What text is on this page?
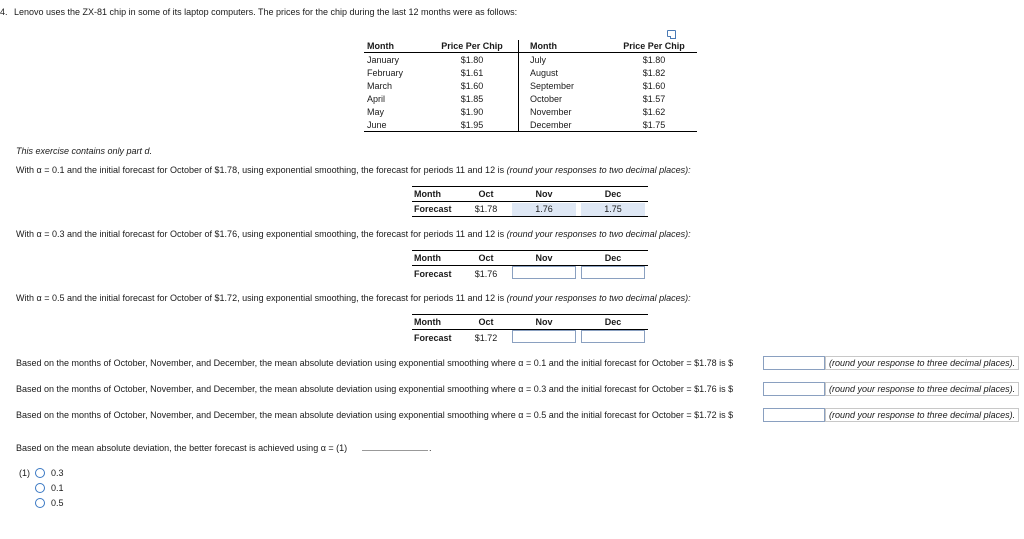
4. Lenovo uses the ZX-81 chip in some of its laptop computers. The prices for the chip during the last 12 months were as follows:
Month	Price Per Chip	Month	Price Per Chip
January	$1.80	July	$1.80
February	$1.61	August	$1.82
March	$1.60	September	$1.60
April	$1.85	October	$1.57
May	$1.90	November	$1.62
June	$1.95	December	$1.75
This exercise contains only part d.
With α = 0.1 and the initial forecast for October of $1.78, using exponential smoothing, the forecast for periods 11 and 12 is (round your responses to two decimal places):
Month	Oct	Nov	Dec
Forecast	$1.78	1.76	1.75
With α = 0.3 and the initial forecast for October of $1.76, using exponential smoothing, the forecast for periods 11 and 12 is (round your responses to two decimal places):
Month	Oct	Nov	Dec
Forecast	$1.76		
With α = 0.5 and the initial forecast for October of $1.72, using exponential smoothing, the forecast for periods 11 and 12 is (round your responses to two decimal places):
Month	Oct	Nov	Dec
Forecast	$1.72		
Based on the months of October, November, and December, the mean absolute deviation using exponential smoothing where α = 0.1 and the initial forecast for October = $1.78 is $	(round your response to three decimal places).
Based on the months of October, November, and December, the mean absolute deviation using exponential smoothing where α = 0.3 and the initial forecast for October = $1.76 is $	(round your response to three decimal places).
Based on the months of October, November, and December, the mean absolute deviation using exponential smoothing where α = 0.5 and the initial forecast for October = $1.72 is $	(round your response to three decimal places).
Based on the mean absolute deviation, the better forecast is achieved using α = (1)	.
(1) 0.3
0.1
0.5
